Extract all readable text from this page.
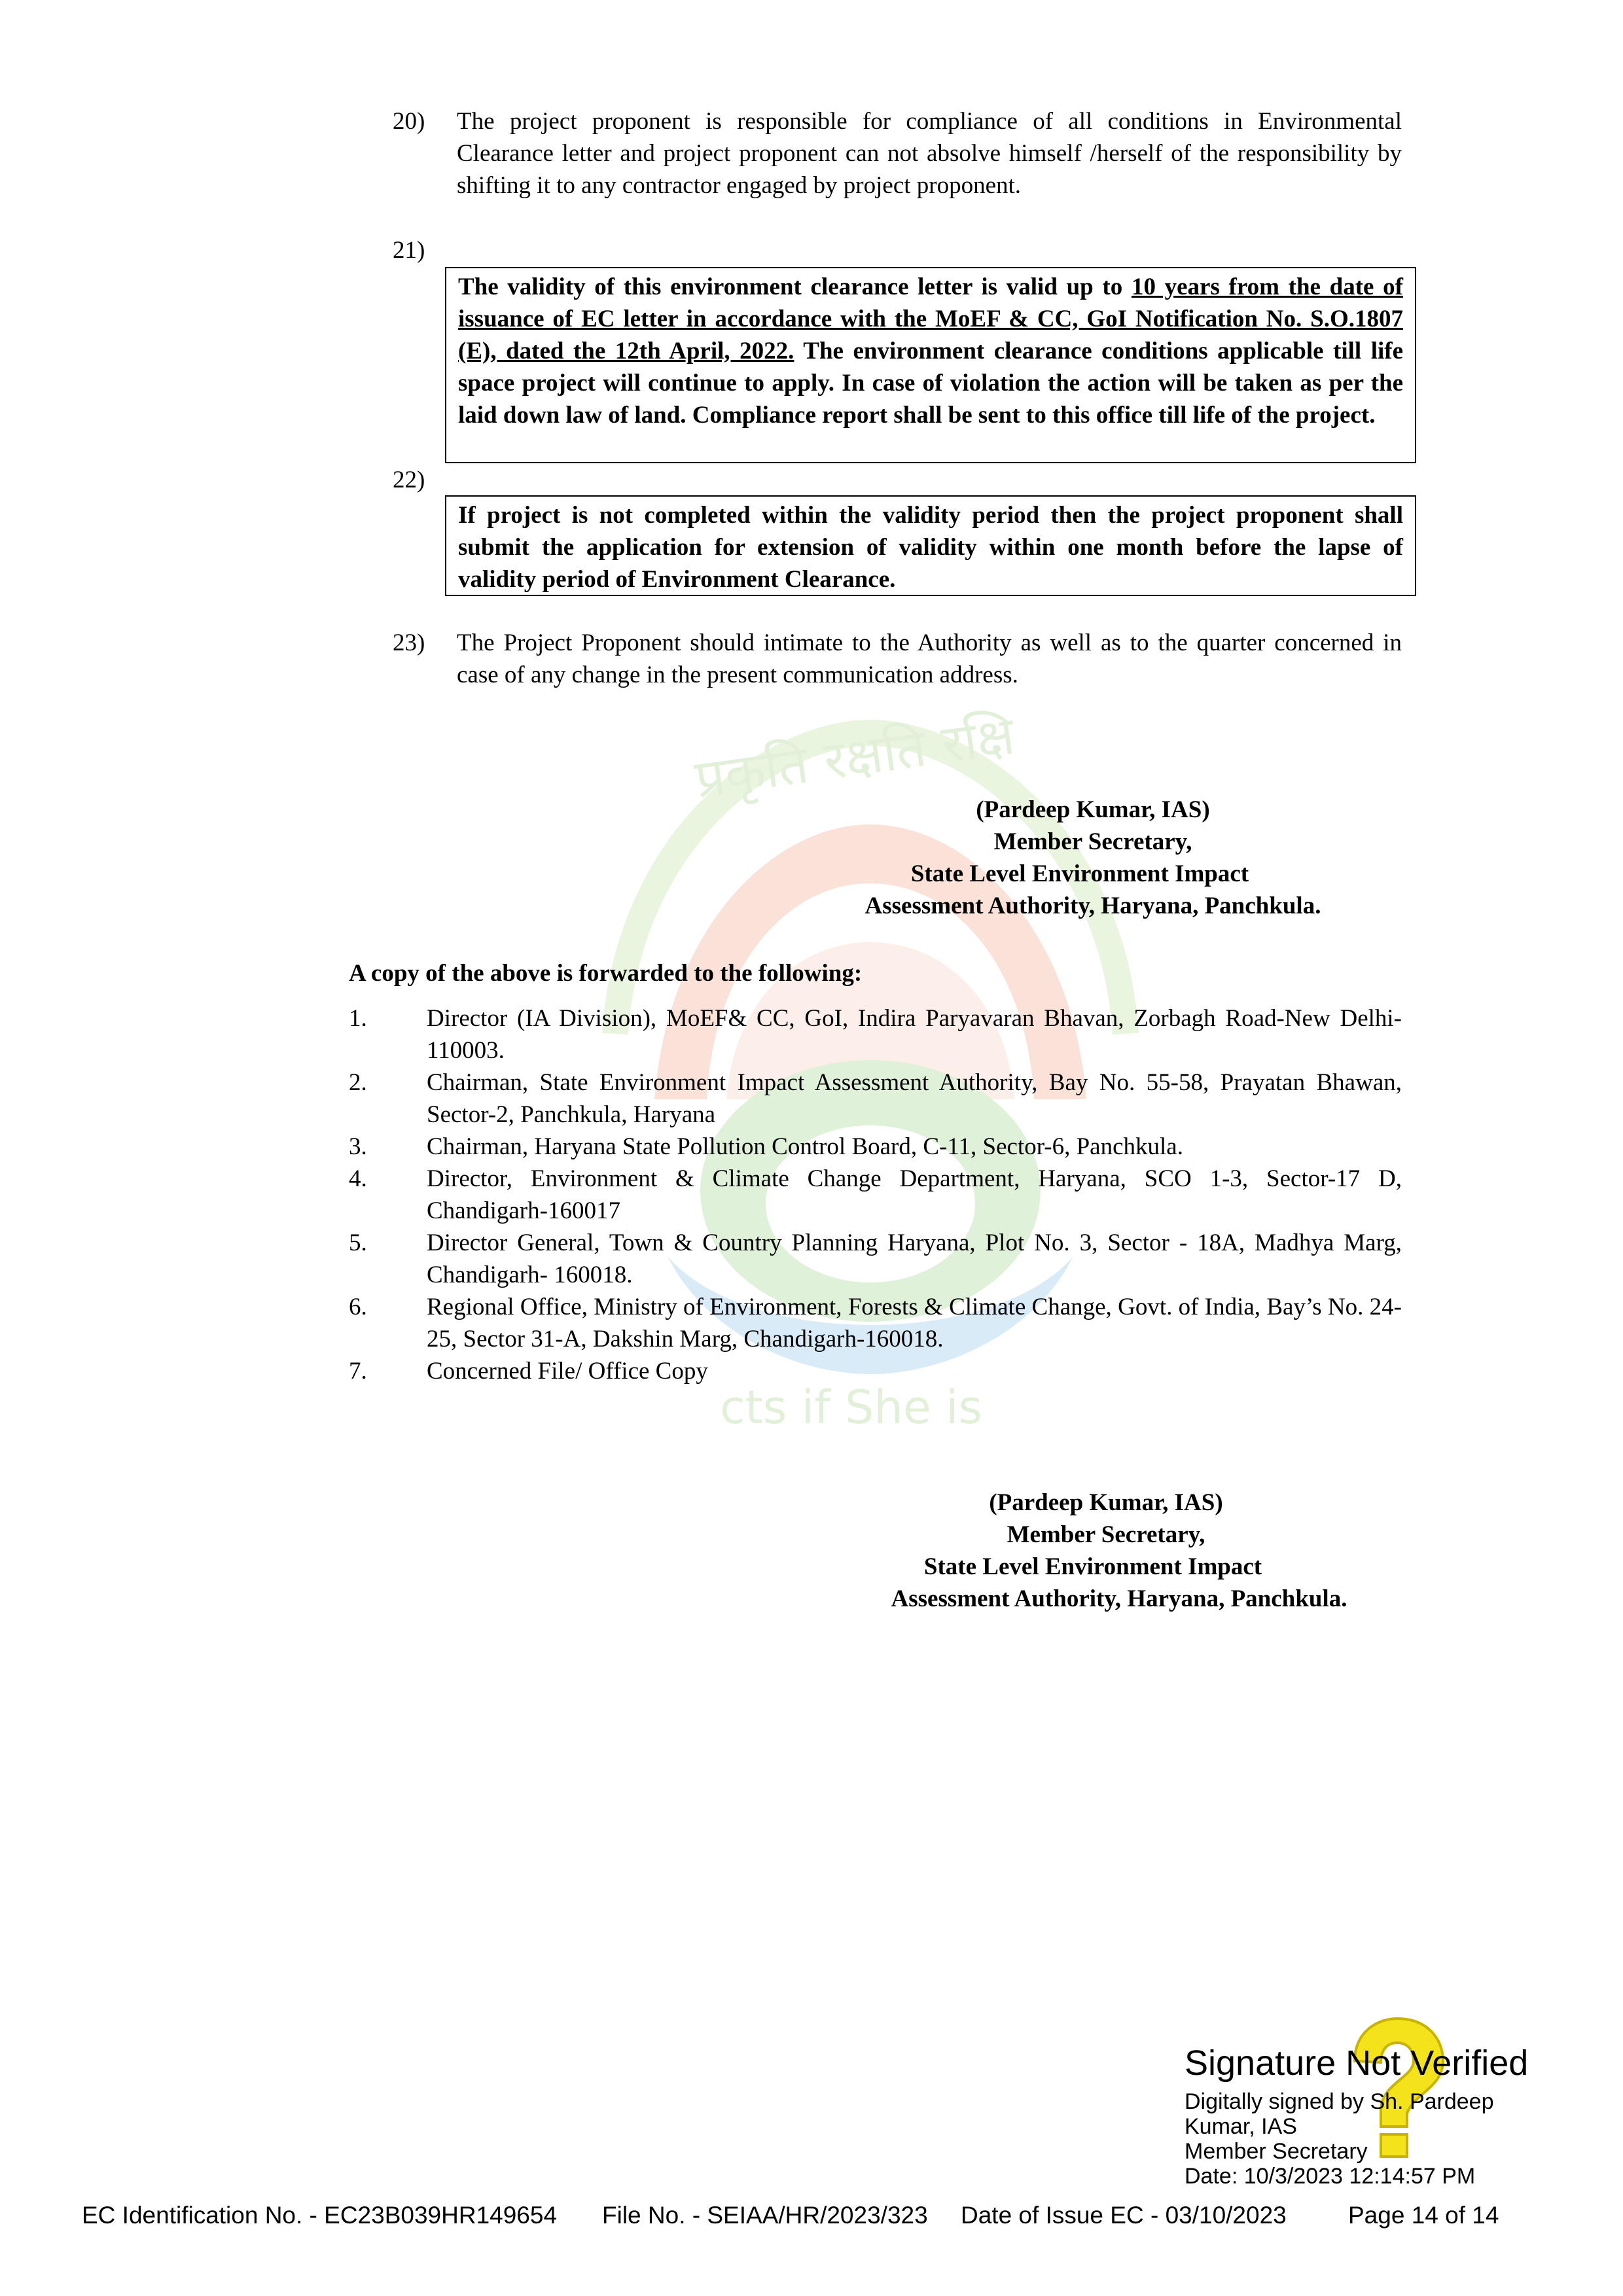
प्रकृति रक्षति रक्षि
cts if She is
20) The project proponent is responsible for compliance of all conditions in Environmental Clearance letter and project proponent can not absolve himself /herself of the responsibility by shifting it to any contractor engaged by project proponent.
21)
The validity of this environment clearance letter is valid up to 10 years from the date of issuance of EC letter in accordance with the MoEF & CC, GoI Notification No. S.O.1807 (E), dated the 12th April, 2022. The environment clearance conditions applicable till life space project will continue to apply. In case of violation the action will be taken as per the laid down law of land. Compliance report shall be sent to this office till life of the project.
22)
If project is not completed within the validity period then the project proponent shall submit the application for extension of validity within one month before the lapse of validity period of Environment Clearance.
23) The Project Proponent should intimate to the Authority as well as to the quarter concerned in case of any change in the present communication address.
(Pardeep Kumar, IAS)
Member Secretary,
State Level Environment Impact
Assessment Authority, Haryana, Panchkula.
A copy of the above is forwarded to the following:
1. Director (IA Division), MoEF& CC, GoI, Indira Paryavaran Bhavan, Zorbagh Road-New Delhi-110003.
2. Chairman, State Environment Impact Assessment Authority, Bay No. 55-58, Prayatan Bhawan, Sector-2, Panchkula, Haryana
3. Chairman, Haryana State Pollution Control Board, C-11, Sector-6, Panchkula.
4. Director, Environment & Climate Change Department, Haryana, SCO 1-3, Sector-17 D, Chandigarh-160017
5. Director General, Town & Country Planning Haryana, Plot No. 3, Sector - 18A, Madhya Marg, Chandigarh- 160018.
6. Regional Office, Ministry of Environment, Forests & Climate Change, Govt. of India, Bay’s No. 24-25, Sector 31-A, Dakshin Marg, Chandigarh-160018.
7. Concerned File/ Office Copy
(Pardeep Kumar, IAS)
Member Secretary,
State Level Environment Impact
Assessment Authority, Haryana, Panchkula.
Signature Not Verified
Digitally signed by Sh. Pardeep
Kumar, IAS
Member Secretary
Date: 10/3/2023 12:14:57 PM
EC Identification No. - EC23B039HR149654 File No. - SEIAA/HR/2023/323 Date of Issue EC - 03/10/2023	Page 14 of 14
